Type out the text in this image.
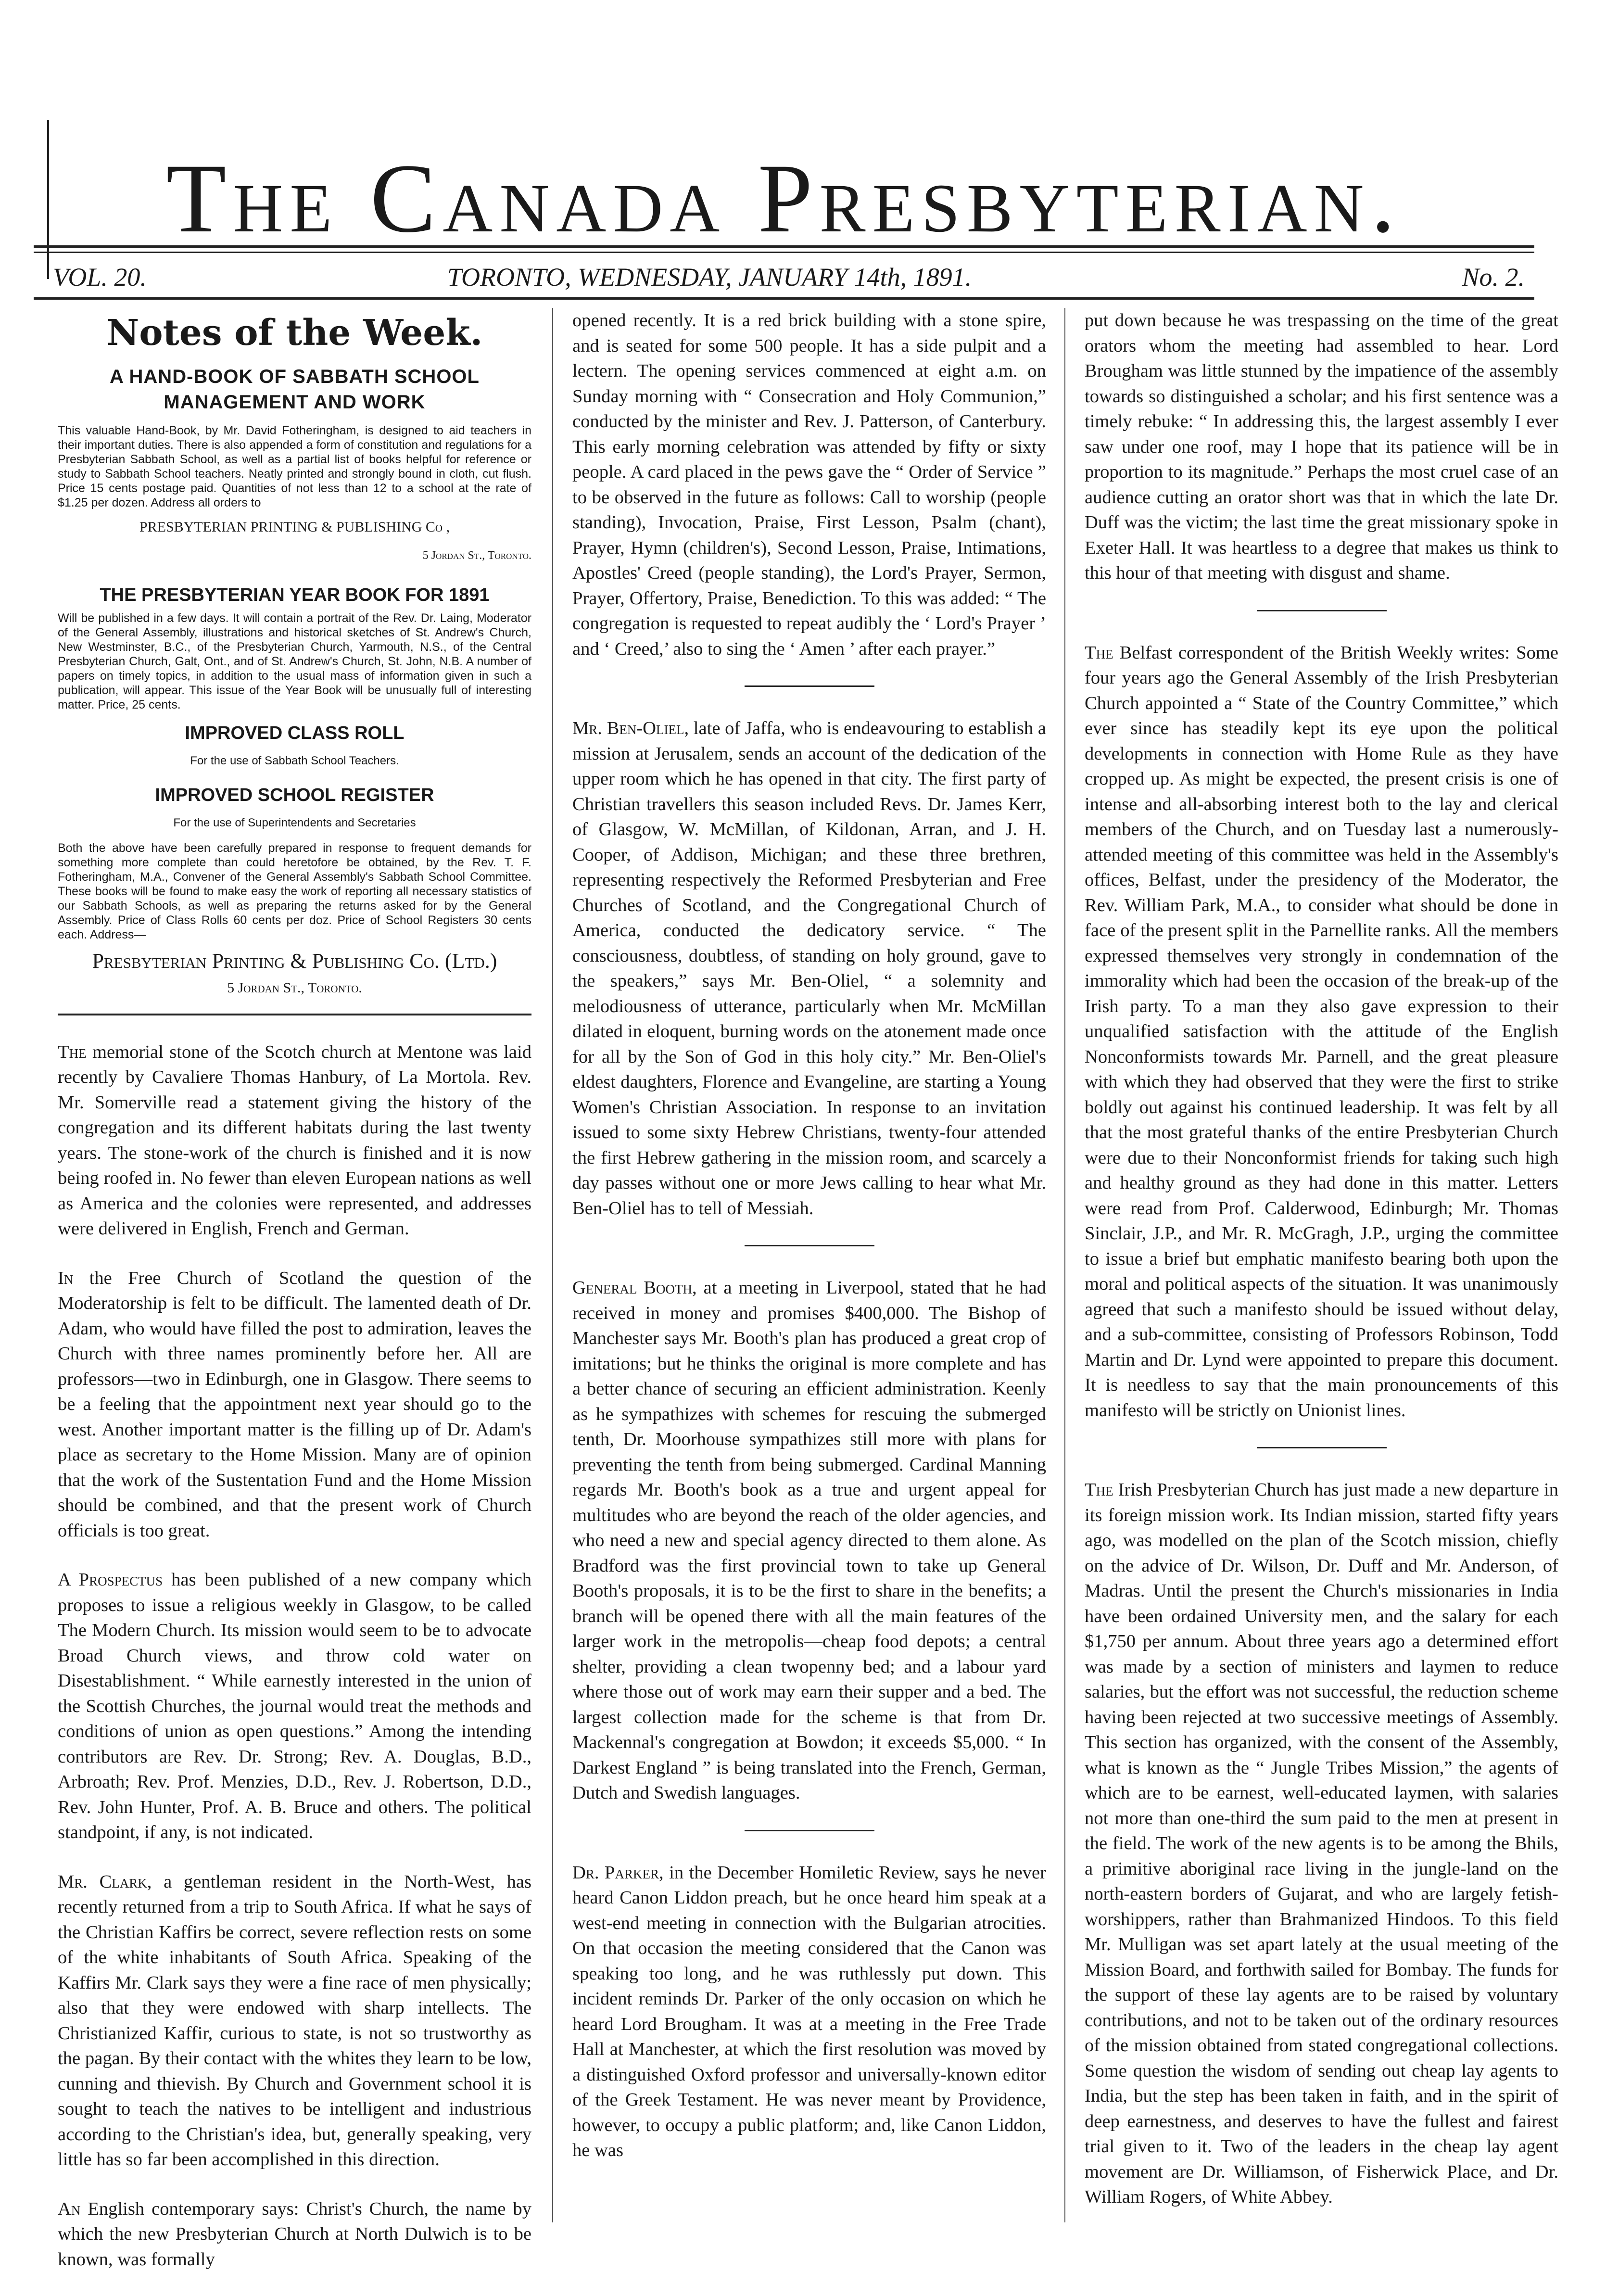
The Canada Presbyterian.
VOL. 20.	TORONTO, WEDNESDAY, JANUARY 14th, 1891.	No. 2.
Notes of the Week.
A HAND-BOOK OF SABBATH SCHOOL MANAGEMENT AND WORK
This valuable Hand-Book, by Mr. David Fotheringham, is designed to aid teachers in their important duties. There is also appended a form of constitution and regulations for a Presbyterian Sabbath School, as well as a partial list of books helpful for reference or study to Sabbath School teachers. Neatly printed and strongly bound in cloth, cut flush. Price 15 cents postage paid. Quantities of not less than 12 to a school at the rate of $1.25 per dozen. Address all orders to
PRESBYTERIAN PRINTING & PUBLISHING Co ,
5 Jordan St., Toronto.
THE PRESBYTERIAN YEAR BOOK FOR 1891
Will be published in a few days. It will contain a portrait of the Rev. Dr. Laing, Moderator of the General Assembly, illustrations and historical sketches of St. Andrew's Church, New Westminster, B.C., of the Presbyterian Church, Yarmouth, N.S., of the Central Presbyterian Church, Galt, Ont., and of St. Andrew's Church, St. John, N.B. A number of papers on timely topics, in addition to the usual mass of information given in such a publication, will appear. This issue of the Year Book will be unusually full of interesting matter. Price, 25 cents.
IMPROVED CLASS ROLL
For the use of Sabbath School Teachers.
IMPROVED SCHOOL REGISTER
For the use of Superintendents and Secretaries
Both the above have been carefully prepared in response to frequent demands for something more complete than could heretofore be obtained, by the Rev. T. F. Fotheringham, M.A., Convener of the General Assembly's Sabbath School Committee. These books will be found to make easy the work of reporting all necessary statistics of our Sabbath Schools, as well as preparing the returns asked for by the General Assembly. Price of Class Rolls 60 cents per doz. Price of School Registers 30 cents each. Address—
Presbyterian Printing & Publishing Co. (Ltd.)
5 Jordan St., Toronto.

The memorial stone of the Scotch church at Mentone was laid recently by Cavaliere Thomas Hanbury, of La Mortola. Rev. Mr. Somerville read a statement giving the history of the congregation and its different habitats during the last twenty years. The stone-work of the church is finished and it is now being roofed in. No fewer than eleven European nations as well as America and the colonies were represented, and addresses were delivered in English, French and German.

In the Free Church of Scotland the question of the Moderatorship is felt to be difficult. The lamented death of Dr. Adam, who would have filled the post to admiration, leaves the Church with three names prominently before her. All are professors—two in Edinburgh, one in Glasgow. There seems to be a feeling that the appointment next year should go to the west. Another important matter is the filling up of Dr. Adam's place as secretary to the Home Mission. Many are of opinion that the work of the Sustentation Fund and the Home Mission should be combined, and that the present work of Church officials is too great.

A Prospectus has been published of a new company which proposes to issue a religious weekly in Glasgow, to be called The Modern Church. Its mission would seem to be to advocate Broad Church views, and throw cold water on Disestablishment. “ While earnestly interested in the union of the Scottish Churches, the journal would treat the methods and conditions of union as open questions.” Among the intending contributors are Rev. Dr. Strong; Rev. A. Douglas, B.D., Arbroath; Rev. Prof. Menzies, D.D., Rev. J. Robertson, D.D., Rev. John Hunter, Prof. A. B. Bruce and others. The political standpoint, if any, is not indicated.

Mr. Clark, a gentleman resident in the North-West, has recently returned from a trip to South Africa. If what he says of the Christian Kaffirs be correct, severe reflection rests on some of the white inhabitants of South Africa. Speaking of the Kaffirs Mr. Clark says they were a fine race of men physically; also that they were endowed with sharp intellects. The Christianized Kaffir, curious to state, is not so trustworthy as the pagan. By their contact with the whites they learn to be low, cunning and thievish. By Church and Government school it is sought to teach the natives to be intelligent and industrious according to the Christian's idea, but, generally speaking, very little has so far been accomplished in this direction.

An English contemporary says: Christ's Church, the name by which the new Presbyterian Church at North Dulwich is to be known, was formally

opened recently. It is a red brick building with a stone spire, and is seated for some 500 people. It has a side pulpit and a lectern. The opening services commenced at eight a.m. on Sunday morning with “ Consecration and Holy Communion,” conducted by the minister and Rev. J. Patterson, of Canterbury. This early morning celebration was attended by fifty or sixty people. A card placed in the pews gave the “ Order of Service ” to be observed in the future as follows: Call to worship (people standing), Invocation, Praise, First Lesson, Psalm (chant), Prayer, Hymn (children's), Second Lesson, Praise, Intimations, Apostles' Creed (people standing), the Lord's Prayer, Sermon, Prayer, Offertory, Praise, Benediction. To this was added: “ The congregation is requested to repeat audibly the ‘ Lord's Prayer ’ and ‘ Creed,’ also to sing the ‘ Amen ’ after each prayer.”

Mr. Ben-Oliel, late of Jaffa, who is endeavouring to establish a mission at Jerusalem, sends an account of the dedication of the upper room which he has opened in that city. The first party of Christian travellers this season included Revs. Dr. James Kerr, of Glasgow, W. McMillan, of Kildonan, Arran, and J. H. Cooper, of Addison, Michigan; and these three brethren, representing respectively the Reformed Presbyterian and Free Churches of Scotland, and the Congregational Church of America, conducted the dedicatory service. “ The consciousness, doubtless, of standing on holy ground, gave to the speakers,” says Mr. Ben-Oliel, “ a solemnity and melodiousness of utterance, particularly when Mr. McMillan dilated in eloquent, burning words on the atonement made once for all by the Son of God in this holy city.” Mr. Ben-Oliel's eldest daughters, Florence and Evangeline, are starting a Young Women's Christian Association. In response to an invitation issued to some sixty Hebrew Christians, twenty-four attended the first Hebrew gathering in the mission room, and scarcely a day passes without one or more Jews calling to hear what Mr. Ben-Oliel has to tell of Messiah.

General Booth, at a meeting in Liverpool, stated that he had received in money and promises $400,000. The Bishop of Manchester says Mr. Booth's plan has produced a great crop of imitations; but he thinks the original is more complete and has a better chance of securing an efficient administration. Keenly as he sympathizes with schemes for rescuing the submerged tenth, Dr. Moorhouse sympathizes still more with plans for preventing the tenth from being submerged. Cardinal Manning regards Mr. Booth's book as a true and urgent appeal for multitudes who are beyond the reach of the older agencies, and who need a new and special agency directed to them alone. As Bradford was the first provincial town to take up General Booth's proposals, it is to be the first to share in the benefits; a branch will be opened there with all the main features of the larger work in the metropolis—cheap food depots; a central shelter, providing a clean twopenny bed; and a labour yard where those out of work may earn their supper and a bed. The largest collection made for the scheme is that from Dr. Mackennal's congregation at Bowdon; it exceeds $5,000. “ In Darkest England ” is being translated into the French, German, Dutch and Swedish languages.

Dr. Parker, in the December Homiletic Review, says he never heard Canon Liddon preach, but he once heard him speak at a west-end meeting in connection with the Bulgarian atrocities. On that occasion the meeting considered that the Canon was speaking too long, and he was ruthlessly put down. This incident reminds Dr. Parker of the only occasion on which he heard Lord Brougham. It was at a meeting in the Free Trade Hall at Manchester, at which the first resolution was moved by a distinguished Oxford professor and universally-known editor of the Greek Testament. He was never meant by Providence, however, to occupy a public platform; and, like Canon Liddon, he was

put down because he was trespassing on the time of the great orators whom the meeting had assembled to hear. Lord Brougham was little stunned by the impatience of the assembly towards so distinguished a scholar; and his first sentence was a timely rebuke: “ In addressing this, the largest assembly I ever saw under one roof, may I hope that its patience will be in proportion to its magnitude.” Perhaps the most cruel case of an audience cutting an orator short was that in which the late Dr. Duff was the victim; the last time the great missionary spoke in Exeter Hall. It was heartless to a degree that makes us think to this hour of that meeting with disgust and shame.

The Belfast correspondent of the British Weekly writes: Some four years ago the General Assembly of the Irish Presbyterian Church appointed a “ State of the Country Committee,” which ever since has steadily kept its eye upon the political developments in connection with Home Rule as they have cropped up. As might be expected, the present crisis is one of intense and all-absorbing interest both to the lay and clerical members of the Church, and on Tuesday last a numerously-attended meeting of this committee was held in the Assembly's offices, Belfast, under the presidency of the Moderator, the Rev. William Park, M.A., to consider what should be done in face of the present split in the Parnellite ranks. All the members expressed themselves very strongly in condemnation of the immorality which had been the occasion of the break-up of the Irish party. To a man they also gave expression to their unqualified satisfaction with the attitude of the English Nonconformists towards Mr. Parnell, and the great pleasure with which they had observed that they were the first to strike boldly out against his continued leadership. It was felt by all that the most grateful thanks of the entire Presbyterian Church were due to their Nonconformist friends for taking such high and healthy ground as they had done in this matter. Letters were read from Prof. Calderwood, Edinburgh; Mr. Thomas Sinclair, J.P., and Mr. R. McGragh, J.P., urging the committee to issue a brief but emphatic manifesto bearing both upon the moral and political aspects of the situation. It was unanimously agreed that such a manifesto should be issued without delay, and a sub-committee, consisting of Professors Robinson, Todd Martin and Dr. Lynd were appointed to prepare this document. It is needless to say that the main pronouncements of this manifesto will be strictly on Unionist lines.

The Irish Presbyterian Church has just made a new departure in its foreign mission work. Its Indian mission, started fifty years ago, was modelled on the plan of the Scotch mission, chiefly on the advice of Dr. Wilson, Dr. Duff and Mr. Anderson, of Madras. Until the present the Church's missionaries in India have been ordained University men, and the salary for each $1,750 per annum. About three years ago a determined effort was made by a section of ministers and laymen to reduce salaries, but the effort was not successful, the reduction scheme having been rejected at two successive meetings of Assembly. This section has organized, with the consent of the Assembly, what is known as the “ Jungle Tribes Mission,” the agents of which are to be earnest, well-educated laymen, with salaries not more than one-third the sum paid to the men at present in the field. The work of the new agents is to be among the Bhils, a primitive aboriginal race living in the jungle-land on the north-eastern borders of Gujarat, and who are largely fetish-worshippers, rather than Brahmanized Hindoos. To this field Mr. Mulligan was set apart lately at the usual meeting of the Mission Board, and forthwith sailed for Bombay. The funds for the support of these lay agents are to be raised by voluntary contributions, and not to be taken out of the ordinary resources of the mission obtained from stated congregational collections. Some question the wisdom of sending out cheap lay agents to India, but the step has been taken in faith, and in the spirit of deep earnestness, and deserves to have the fullest and fairest trial given to it. Two of the leaders in the cheap lay agent movement are Dr. Williamson, of Fisherwick Place, and Dr. William Rogers, of White Abbey.
